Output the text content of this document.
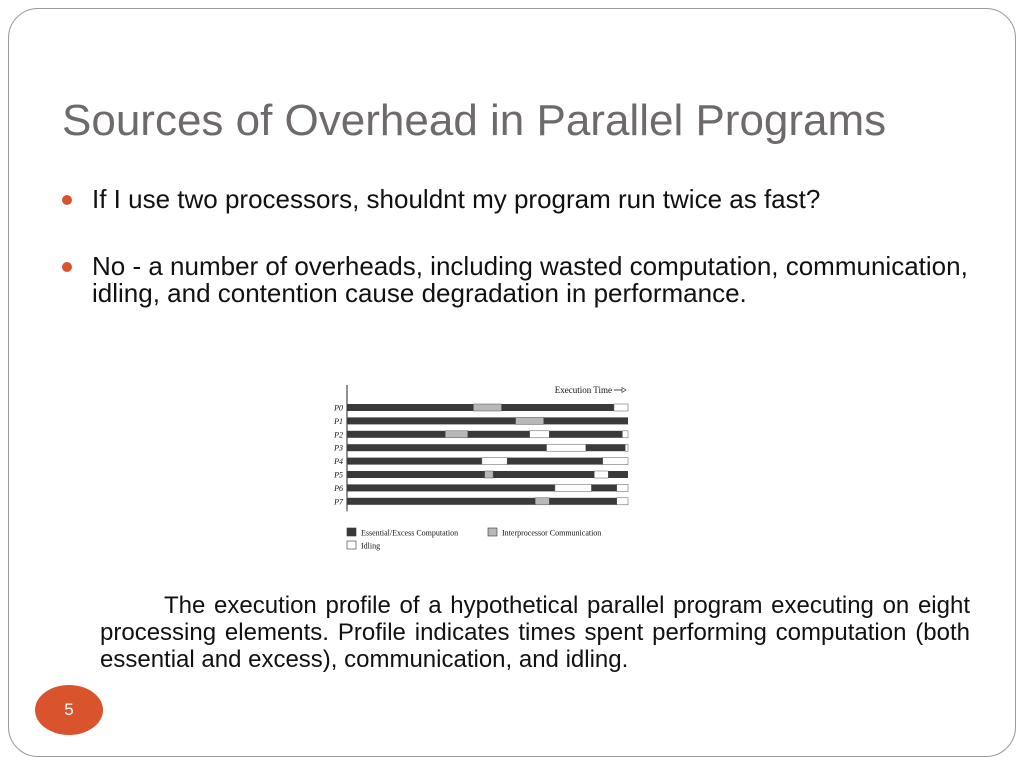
Sources of Overhead in Parallel Programs
If I use two processors, shouldnt my program run twice as fast?
No - a number of overheads, including wasted computation, communication, idling, and contention cause degradation in performance.
Execution Time
P0
P1
P2
P3
P4
P5
P6
P7
Essential/Excess Computation	Interprocessor Communication
Idling
The execution profile of a hypothetical parallel program executing on eight processing elements. Profile indicates times spent performing computation (both essential and excess), communication, and idling.
5
